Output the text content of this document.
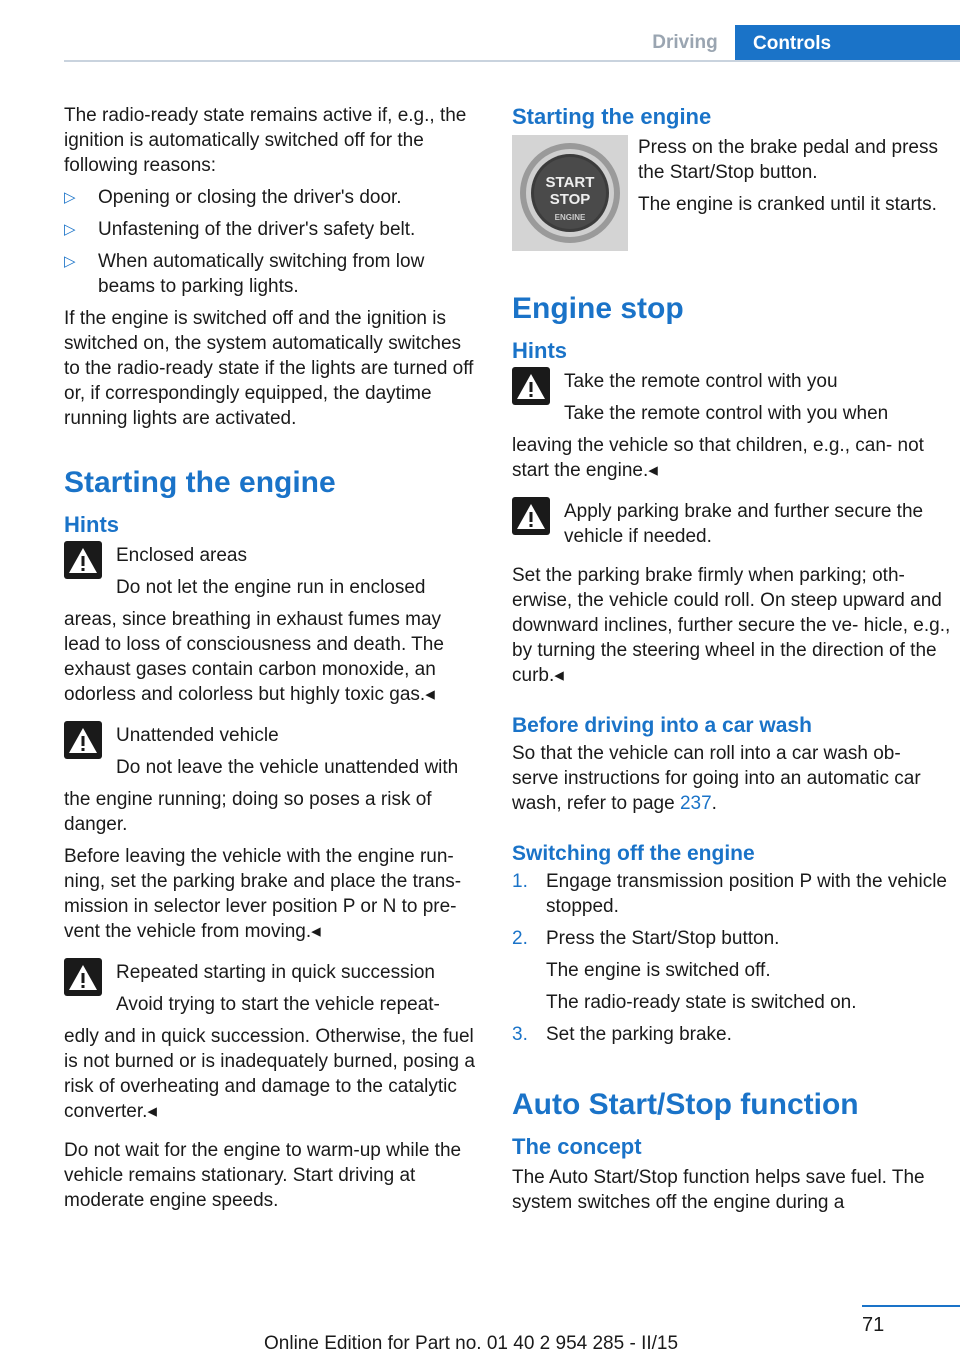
Driving	Controls

The radio-ready state remains active if, e.g., the ignition is automatically switched off for the following reasons:

▷ Opening or closing the driver's door.
▷ Unfastening of the driver's safety belt.
▷ When automatically switching from low beams to parking lights.

If the engine is switched off and the ignition is switched on, the system automatically switches to the radio-ready state if the lights are turned off or, if correspondingly equipped, the daytime running lights are activated.

Starting the engine
Hints
Enclosed areas
Do not let the engine run in enclosed

areas, since breathing in exhaust fumes may lead to loss of consciousness and death. The exhaust gases contain carbon monoxide, an odorless and colorless but highly toxic gas.◂

Unattended vehicle
Do not leave the vehicle unattended with

the engine running; doing so poses a risk of danger.

Before leaving the vehicle with the engine run‐ ning, set the parking brake and place the trans‐ mission in selector lever position P or N to pre‐ vent the vehicle from moving.◂

Repeated starting in quick succession
Avoid trying to start the vehicle repeat‐

edly and in quick succession. Otherwise, the fuel is not burned or is inadequately burned, posing a risk of overheating and damage to the catalytic converter.◂

Do not wait for the engine to warm-up while the vehicle remains stationary. Start driving at moderate engine speeds.

Starting the engine
START
STOP
ENGINE

Press on the brake pedal and press the Start/Stop button.

The engine is cranked until it starts.

Engine stop
Hints
Take the remote control with you
Take the remote control with you when

leaving the vehicle so that children, e.g., can‐ not start the engine.◂

Apply parking brake and further secure the vehicle if needed.

Set the parking brake firmly when parking; oth‐ erwise, the vehicle could roll. On steep upward and downward inclines, further secure the ve‐ hicle, e.g., by turning the steering wheel in the direction of the curb.◂

Before driving into a car wash

So that the vehicle can roll into a car wash ob‐ serve instructions for going into an automatic car wash, refer to page 237.

Switching off the engine
1. Engage transmission position P with the vehicle stopped.
2. Press the Start/Stop button.
The engine is switched off.
The radio-ready state is switched on.
3. Set the parking brake.
Auto Start/Stop function
The concept

The Auto Start/Stop function helps save fuel. The system switches off the engine during a

71
Online Edition for Part no. 01 40 2 954 285 - II/15
